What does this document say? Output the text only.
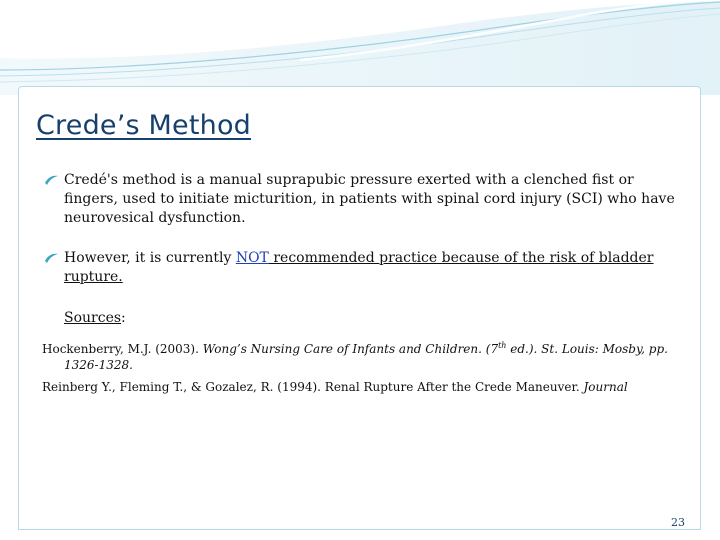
Crede’s Method
Credé's method is a manual suprapubic pressure exerted with a clenched fist or fingers, used to initiate micturition, in patients with spinal cord injury (SCI) who have neurovesical dysfunction.
However, it is currently NOT recommended practice because of the risk of bladder rupture.
Sources:
Hockenberry, M.J. (2003). Wong’s Nursing Care of Infants and Children. (7th ed.). St. Louis: Mosby, pp. 1326-1328.
Reinberg Y., Fleming T., & Gozalez, R. (1994). Renal Rupture After the Crede Maneuver. Journal
23
